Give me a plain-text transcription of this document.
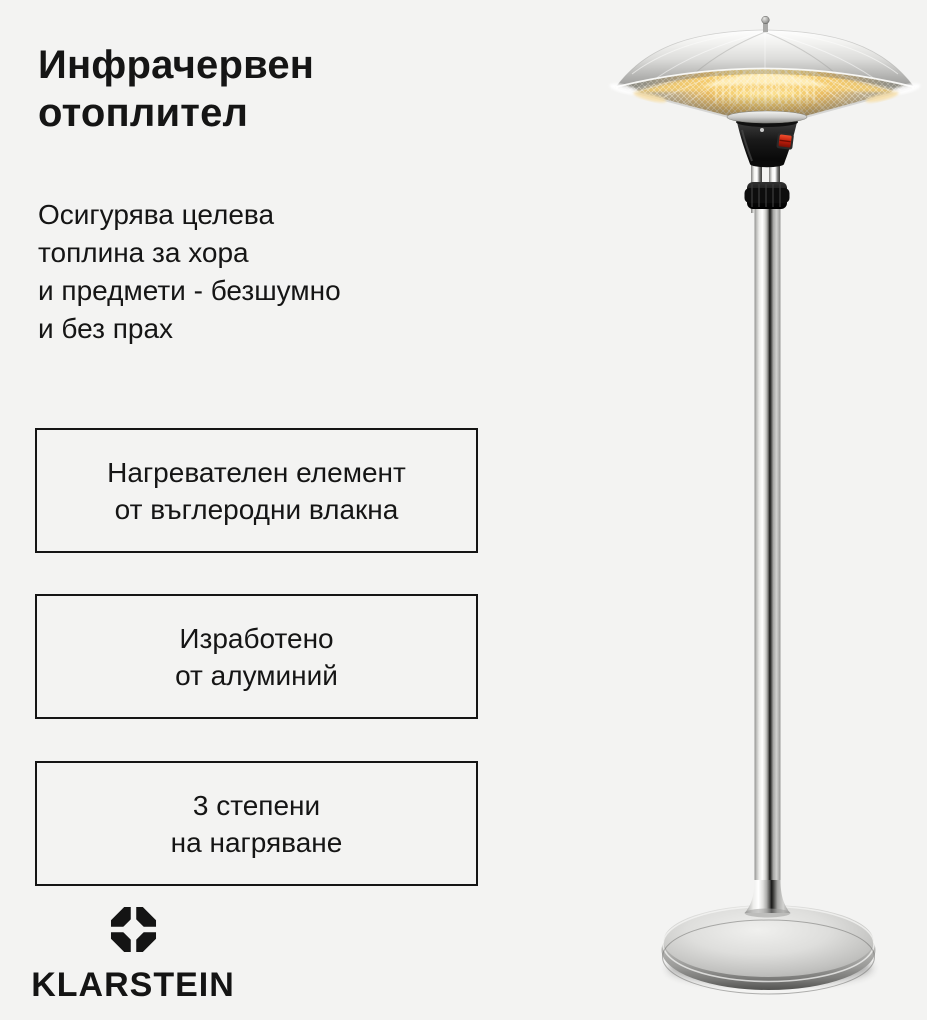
Инфрачервен
отоплител
Осигурява целева
топлина за хора
и предмети - безшумно
и без прах
Нагревателен елемент
от въглеродни влакна
Изработено
от алуминий
3 степени
на нагряване
KLARSTEIN
